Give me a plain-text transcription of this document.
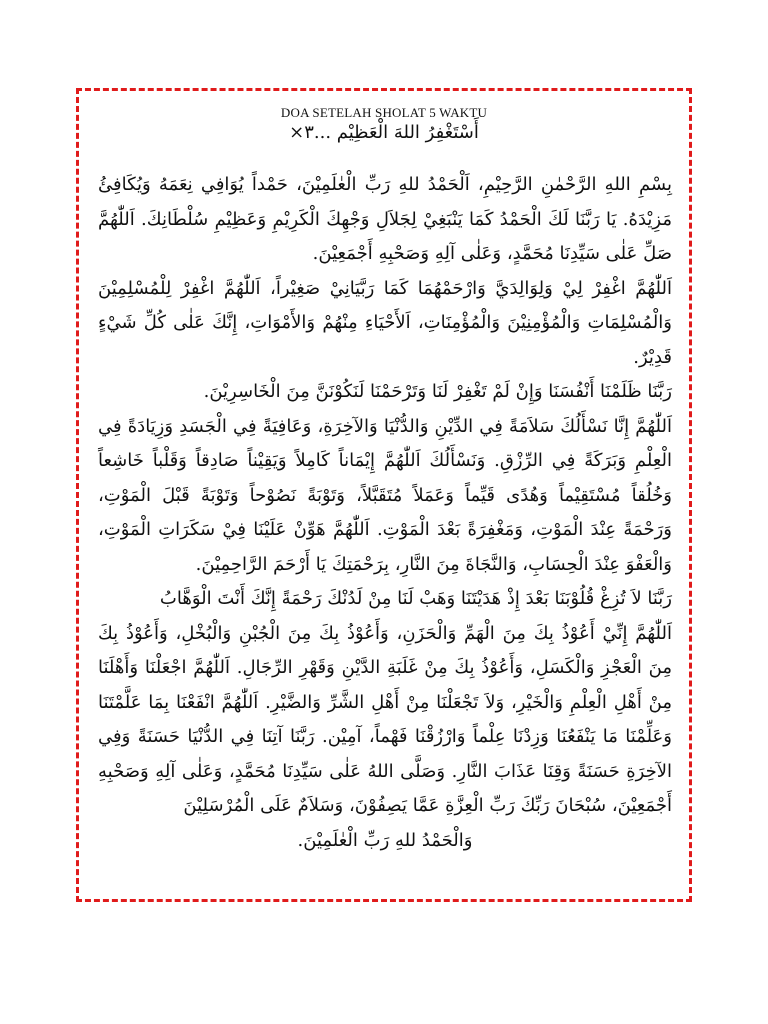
DOA SETELAH SHOLAT 5 WAKTU
أَسْتَغْفِرُ اللهَ الْعَظِيْم ...٣×

بِسْمِ اللهِ الرَّحْمٰنِ الرَّحِيْمِ، اَلْحَمْدُ للهِ رَبِّ الْعٰلَمِيْنَ، حَمْداً يُوَافِي نِعَمَهُ وَيُكَافِئُ مَزِيْدَهُ. يَا رَبَّنَا لَكَ الْحَمْدُ كَمَا يَنْبَغِيْ لِجَلاَلِ وَجْهِكَ الْكَرِيْمِ وَعَظِيْمِ سُلْطَانِكَ. اَللّٰهُمَّ صَلِّ عَلٰى سَيِّدِنَا مُحَمَّدٍ، وَعَلٰى آلِهِ وَصَحْبِهِ أَجْمَعِيْنَ.

اَللّٰهُمَّ اغْفِرْ لِيْ وَلِوَالِدَيَّ وَارْحَمْهُمَا كَمَا رَبَّيَانِيْ صَغِيْراً، اَللّٰهُمَّ اغْفِرْ لِلْمُسْلِمِيْنَ وَالْمُسْلِمَاتِ وَالْمُؤْمِنِيْنَ وَالْمُؤْمِنَاتِ، اَلأَحْيَاءِ مِنْهُمْ وَالأَمْوَاتِ، إِنَّكَ عَلٰى كُلِّ شَيْءٍ قَدِيْرٌ.

رَبَّنَا ظَلَمْنَا أَنْفُسَنَا وَإِنْ لَمْ تَغْفِرْ لَنَا وَتَرْحَمْنَا لَنَكُوْنَنَّ مِنَ الْخَاسِرِيْنَ.

اَللّٰهُمَّ إِنَّا نَسْأَلُكَ سَلاَمَةً فِي الدِّيْنِ وَالدُّنْيَا وَالآخِرَةِ، وَعَافِيَةً فِي الْجَسَدِ وَزِيَادَةً فِي الْعِلْمِ وَبَرَكَةً فِي الرِّزْقِ. وَنَسْأَلُكَ اَللّٰهُمَّ إِيْمَاناً كَامِلاً وَيَقِيْناً صَادِقاً وَقَلْباً خَاشِعاً وَخُلُقاً مُسْتَقِيْماً وَهُدًى قَيِّماً وَعَمَلاً مُتَقَبَّلاً، وَتَوْبَةً نَصُوْحاً وَتَوْبَةً قَبْلَ الْمَوْتِ، وَرَحْمَةً عِنْدَ الْمَوْتِ، وَمَغْفِرَةً بَعْدَ الْمَوْتِ. اَللّٰهُمَّ هَوِّنْ عَلَيْنَا فِيْ سَكَرَاتِ الْمَوْتِ، وَالْعَفْوَ عِنْدَ الْحِسَابِ، وَالنَّجَاةَ مِنَ النَّارِ، بِرَحْمَتِكَ يَا أَرْحَمَ الرَّاحِمِيْنَ.

رَبَّنَا لاَ تُزِغْ قُلُوْبَنَا بَعْدَ إِذْ هَدَيْتَنَا وَهَبْ لَنَا مِنْ لَدُنْكَ رَحْمَةً إِنَّكَ أَنْتَ الْوَهَّابُ

اَللّٰهُمَّ إِنِّيْ أَعُوْذُ بِكَ مِنَ الْهَمِّ وَالْحَزَنِ، وَأَعُوْذُ بِكَ مِنَ الْجُبْنِ وَالْبُخْلِ، وَأَعُوْذُ بِكَ مِنَ الْعَجْزِ وَالْكَسَلِ، وَأَعُوْذُ بِكَ مِنْ غَلَبَةِ الدَّيْنِ وَقَهْرِ الرِّجَالِ. اَللّٰهُمَّ اجْعَلْنَا وَأَهْلَنَا مِنْ أَهْلِ الْعِلْمِ وَالْخَيْرِ، وَلاَ تَجْعَلْنَا مِنْ أَهْلِ الشَّرِّ وَالضَّيْرِ. اَللّٰهُمَّ انْفَعْنَا بِمَا عَلَّمْتَنَا وَعَلِّمْنَا مَا يَنْفَعُنَا وَزِدْنَا عِلْماً وَارْزُقْنَا فَهْماً، آمِيْن. رَبَّنَا آتِنَا فِي الدُّنْيَا حَسَنَةً وَفِي الآخِرَةِ حَسَنَةً وَقِنَا عَذَابَ النَّارِ. وَصَلَّى اللهُ عَلٰى سَيِّدِنَا مُحَمَّدٍ، وَعَلٰى آلِهِ وَصَحْبِهِ أَجْمَعِيْنَ، سُبْحَانَ رَبِّكَ رَبِّ الْعِزَّةِ عَمَّا يَصِفُوْنَ، وَسَلاَمٌ عَلَى الْمُرْسَلِيْنَ

وَالْحَمْدُ للهِ رَبِّ الْعٰلَمِيْنَ.
